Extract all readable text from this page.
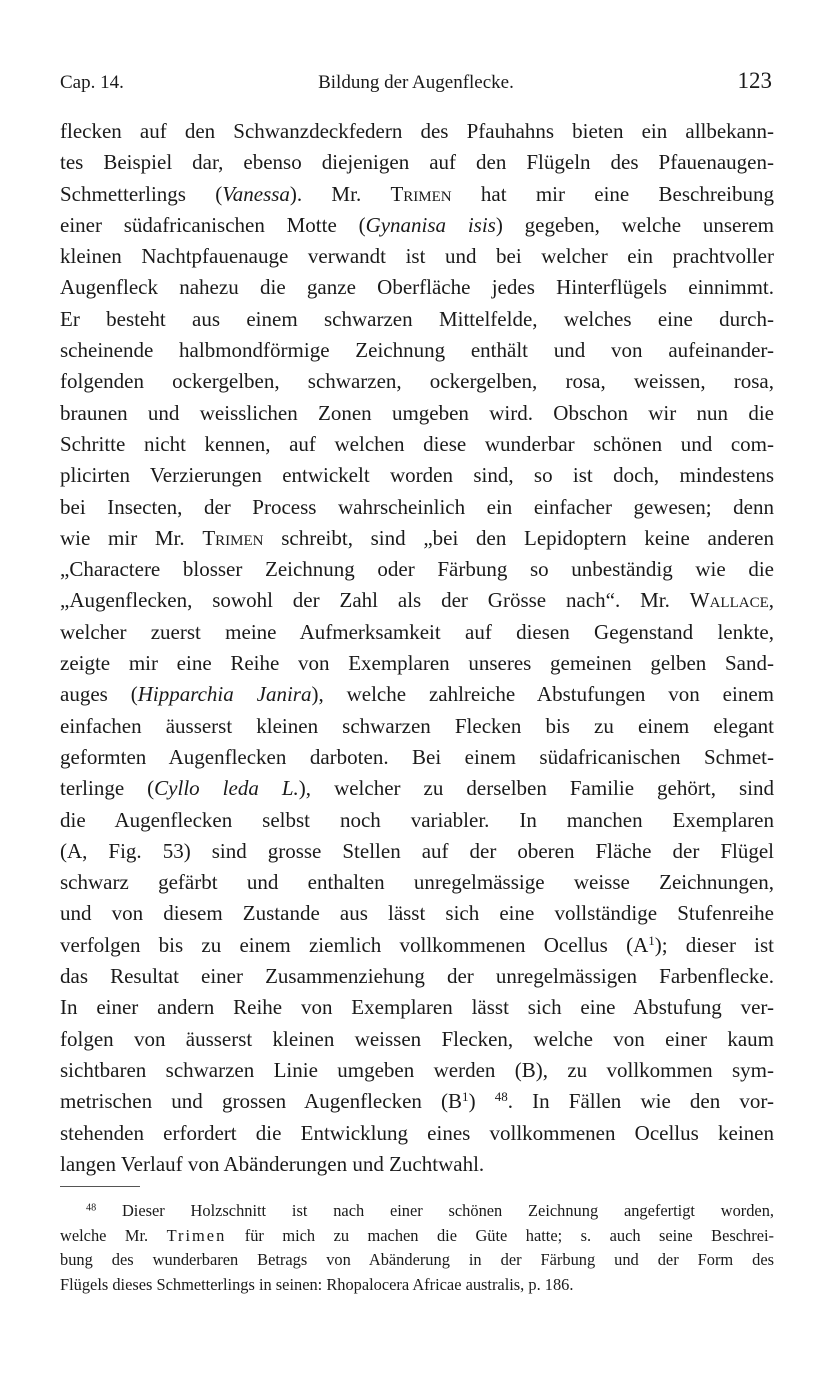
Cap. 14.	Bildung der Augenflecke.	123
flecken auf den Schwanzdeckfedern des Pfauhahns bieten ein allbekann-
tes Beispiel dar, ebenso diejenigen auf den Flügeln des Pfauenaugen-
Schmetterlings (Vanessa). Mr. Trimen hat mir eine Beschreibung
einer südafricanischen Motte (Gynanisa isis) gegeben, welche unserem
kleinen Nachtpfauenauge verwandt ist und bei welcher ein prachtvoller
Augenfleck nahezu die ganze Oberfläche jedes Hinterflügels einnimmt.
Er besteht aus einem schwarzen Mittelfelde, welches eine durch-
scheinende halbmondförmige Zeichnung enthält und von aufeinander-
folgenden ockergelben, schwarzen, ockergelben, rosa, weissen, rosa,
braunen und weisslichen Zonen umgeben wird. Obschon wir nun die
Schritte nicht kennen, auf welchen diese wunderbar schönen und com-
plicirten Verzierungen entwickelt worden sind, so ist doch, mindestens
bei Insecten, der Process wahrscheinlich ein einfacher gewesen; denn
wie mir Mr. Trimen schreibt, sind „bei den Lepidoptern keine anderen
„Charactere blosser Zeichnung oder Färbung so unbeständig wie die
„Augenflecken, sowohl der Zahl als der Grösse nach“. Mr. Wallace,
welcher zuerst meine Aufmerksamkeit auf diesen Gegenstand lenkte,
zeigte mir eine Reihe von Exemplaren unseres gemeinen gelben Sand-
auges (Hipparchia Janira), welche zahlreiche Abstufungen von einem
einfachen äusserst kleinen schwarzen Flecken bis zu einem elegant
geformten Augenflecken darboten. Bei einem südafricanischen Schmet-
terlinge (Cyllo leda L.), welcher zu derselben Familie gehört, sind
die Augenflecken selbst noch variabler. In manchen Exemplaren
(A, Fig. 53) sind grosse Stellen auf der oberen Fläche der Flügel
schwarz gefärbt und enthalten unregelmässige weisse Zeichnungen,
und von diesem Zustande aus lässt sich eine vollständige Stufenreihe
verfolgen bis zu einem ziemlich vollkommenen Ocellus $(A^1)$; dieser ist
das Resultat einer Zusammenziehung der unregelmässigen Farbenflecke.
In einer andern Reihe von Exemplaren lässt sich eine Abstufung ver-
folgen von äusserst kleinen weissen Flecken, welche von einer kaum
sichtbaren schwarzen Linie umgeben werden (B), zu vollkommen sym-
metrischen und grossen Augenflecken $(B^1)$ $^{48}$. In Fällen wie den vor-
stehenden erfordert die Entwicklung eines vollkommenen Ocellus keinen
langen Verlauf von Abänderungen und Zuchtwahl.
$^{48}$ Dieser Holzschnitt ist nach einer schönen Zeichnung angefertigt worden,
welche Mr. Trimen für mich zu machen die Güte hatte; s. auch seine Beschrei-
bung des wunderbaren Betrags von Abänderung in der Färbung und der Form des
Flügels dieses Schmetterlings in seinen: Rhopalocera Africae australis, p. 186.
